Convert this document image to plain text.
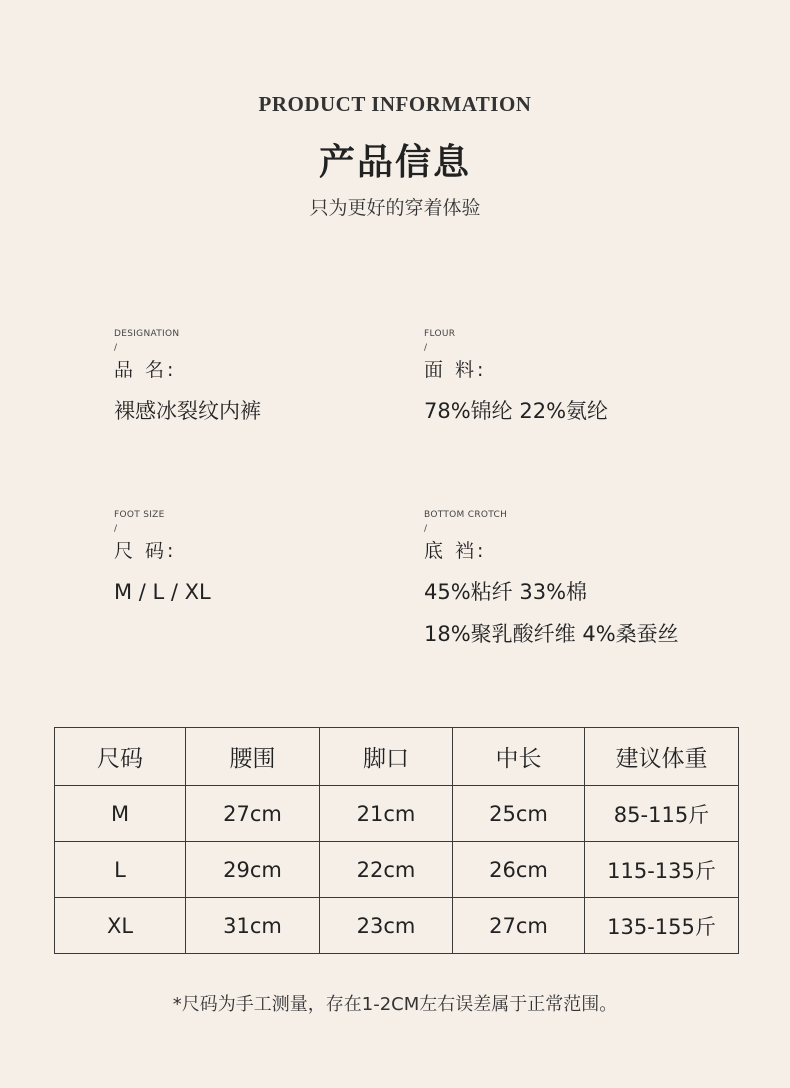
PRODUCT INFORMATION
产品信息
只为更好的穿着体验
DESIGNATION
/
品 名:
裸感冰裂纹内裤
FLOUR
/
面 料:
78%锦纶 22%氨纶
FOOT SIZE
/
尺 码:
M / L / XL
BOTTOM CROTCH
/
底 裆:
45%粘纤 33%棉
18%聚乳酸纤维 4%桑蚕丝
尺码	腰围	脚口	中长	建议体重
M	27cm	21cm	25cm	85-115斤
L	29cm	22cm	26cm	115-135斤
XL	31cm	23cm	27cm	135-155斤
*尺码为手工测量，存在1-2CM左右误差属于正常范围。
